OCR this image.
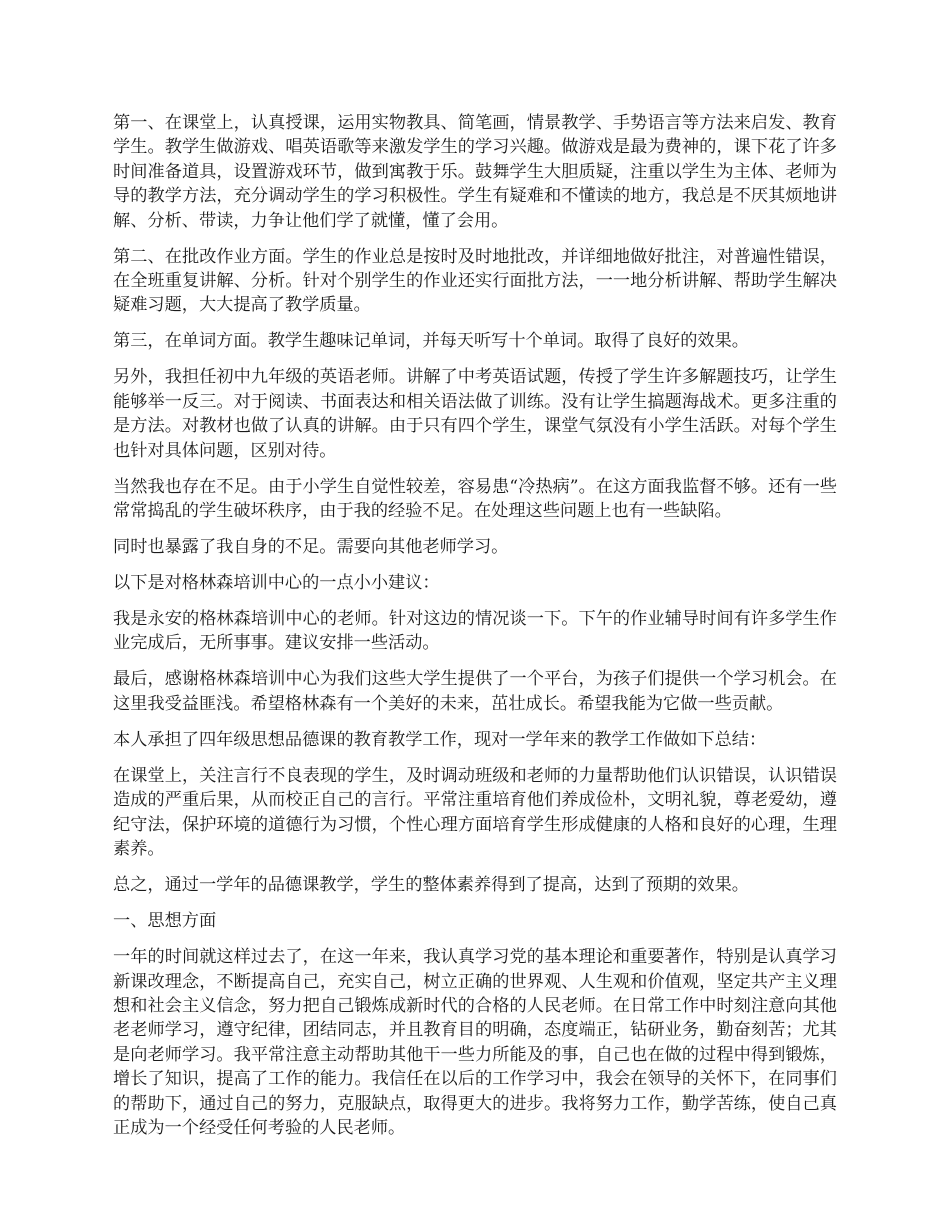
第一、在课堂上，认真授课，运用实物教具、简笔画，情景教学、手势语言等方法来启发、教育学生。教学生做游戏、唱英语歌等来激发学生的学习兴趣。做游戏是最为费神的，课下花了许多时间准备道具，设置游戏环节，做到寓教于乐。鼓舞学生大胆质疑，注重以学生为主体、老师为导的教学方法，充分调动学生的学习积极性。学生有疑难和不懂读的地方，我总是不厌其烦地讲解、分析、带读，力争让他们学了就懂，懂了会用。

第二、在批改作业方面。学生的作业总是按时及时地批改，并详细地做好批注，对普遍性错误，在全班重复讲解、分析。针对个别学生的作业还实行面批方法，一一地分析讲解、帮助学生解决疑难习题，大大提高了教学质量。

第三，在单词方面。教学生趣味记单词，并每天听写十个单词。取得了良好的效果。

另外，我担任初中九年级的英语老师。讲解了中考英语试题，传授了学生许多解题技巧，让学生能够举一反三。对于阅读、书面表达和相关语法做了训练。没有让学生搞题海战术。更多注重的是方法。对教材也做了认真的讲解。由于只有四个学生，课堂气氛没有小学生活跃。对每个学生也针对具体问题，区别对待。

当然我也存在不足。由于小学生自觉性较差，容易患“冷热病”。在这方面我监督不够。还有一些常常捣乱的学生破坏秩序，由于我的经验不足。在处理这些问题上也有一些缺陷。

同时也暴露了我自身的不足。需要向其他老师学习。

以下是对格林森培训中心的一点小小建议：

我是永安的格林森培训中心的老师。针对这边的情况谈一下。下午的作业辅导时间有许多学生作业完成后，无所事事。建议安排一些活动。

最后，感谢格林森培训中心为我们这些大学生提供了一个平台，为孩子们提供一个学习机会。在这里我受益匪浅。希望格林森有一个美好的未来，茁壮成长。希望我能为它做一些贡献。

本人承担了四年级思想品德课的教育教学工作，现对一学年来的教学工作做如下总结：

在课堂上，关注言行不良表现的学生，及时调动班级和老师的力量帮助他们认识错误，认识错误造成的严重后果，从而校正自己的言行。平常注重培育他们养成俭朴，文明礼貌，尊老爱幼，遵纪守法，保护环境的道德行为习惯，个性心理方面培育学生形成健康的人格和良好的心理，生理素养。

总之，通过一学年的品德课教学，学生的整体素养得到了提高，达到了预期的效果。

一、思想方面

一年的时间就这样过去了，在这一年来，我认真学习党的基本理论和重要著作，特别是认真学习新课改理念，不断提高自己，充实自己，树立正确的世界观、人生观和价值观，坚定共产主义理想和社会主义信念，努力把自己锻炼成新时代的合格的人民老师。在日常工作中时刻注意向其他老老师学习，遵守纪律，团结同志，并且教育目的明确，态度端正，钻研业务，勤奋刻苦；尤其是向老师学习。我平常注意主动帮助其他干一些力所能及的事，自己也在做的过程中得到锻炼，增长了知识，提高了工作的能力。我信任在以后的工作学习中，我会在领导的关怀下，在同事们的帮助下，通过自己的努力，克服缺点，取得更大的进步。我将努力工作，勤学苦练，使自己真正成为一个经受任何考验的人民老师。
